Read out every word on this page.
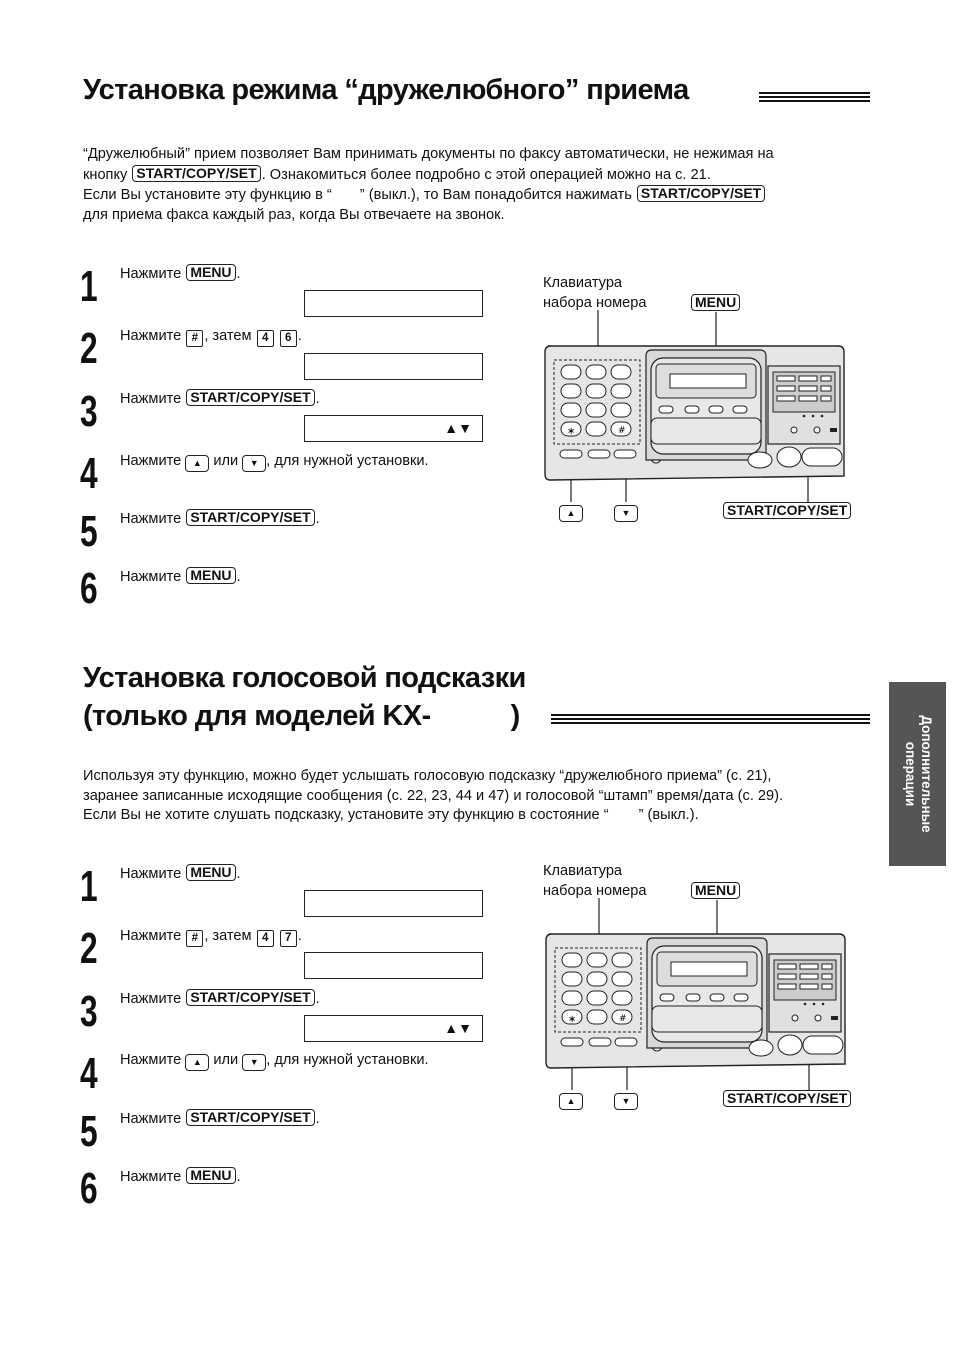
Установка режима “дружелюбного” приема
“Дружелюбный” прием позволяет Вам принимать документы по факсу автоматически, не нежимая на
кнопку START/COPY/SET . Ознакомиться более подробно с этой операцией можно на с. 21.
Если Вы установите эту функцию в “ ” (выкл.), то Вам понадобится нажимать START/COPY/SET
для приема факса каждый раз, когда Вы отвечаете на звонок.
1 Нажмите MENU .
2 Нажмите # , затем 4 6 .
3 Нажмите START/COPY/SET .
▲▼
4 Нажмите ▲ или ▼ , для нужной установки.
5 Нажмите START/COPY/SET .
6 Нажмите MENU .
Клавиатура
набора номера	MENU
START/COPY/SET
▲	▼
∗	#
Установка голосовой подсказки
(только для моделей KX-	)
Используя эту функцию, можно будет услышать голосовую подсказку “дружелюбного приема” (с. 21),
заранее записанные исходящие сообщения (с. 22, 23, 44 и 47) и голосовой “штамп” время/дата (с. 29).
Если Вы не хотите слушать подсказку, установите эту функцию в состояние “ ” (выкл.).
1 Нажмите MENU .
2 Нажмите # , затем 4 7 .
3 Нажмите START/COPY/SET .
▲▼
4 Нажмите ▲ или ▼ , для нужной установки.
5 Нажмите START/COPY/SET .
6 Нажмите MENU .
Клавиатура
набора номера	MENU
START/COPY/SET
▲	▼
∗	#
Дополнительные
операции
